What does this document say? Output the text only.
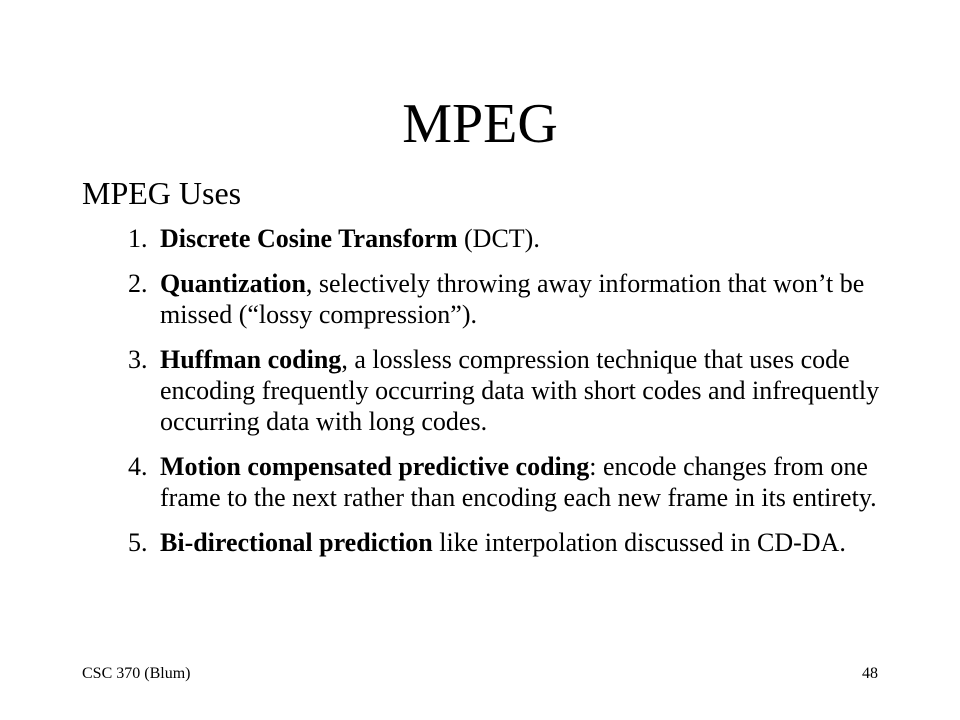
MPEG
MPEG Uses
1. Discrete Cosine Transform (DCT).
2. Quantization, selectively throwing away information that won’t be missed (“lossy compression”).
3. Huffman coding, a lossless compression technique that uses code encoding frequently occurring data with short codes and infrequently occurring data with long codes.
4. Motion compensated predictive coding: encode changes from one frame to the next rather than encoding each new frame in its entirety.
5. Bi-directional prediction like interpolation discussed in CD-DA.
CSC 370 (Blum)	48
